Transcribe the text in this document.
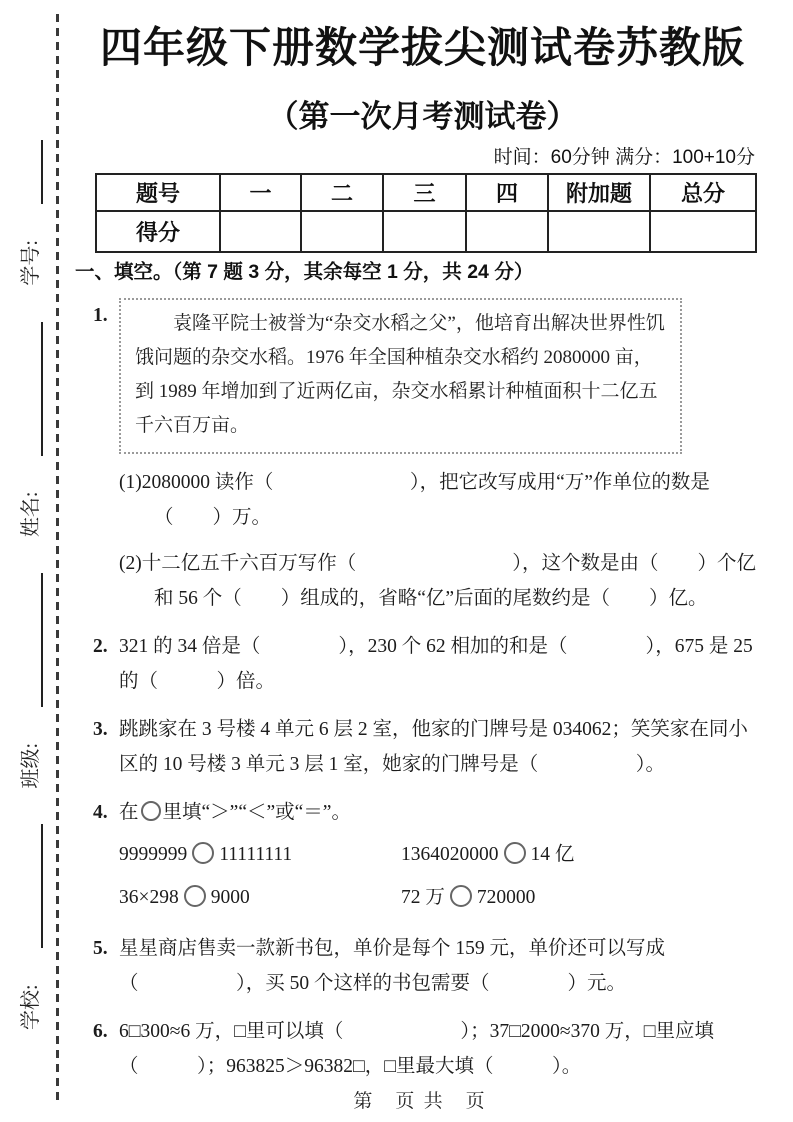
学校:
班级:
姓名:
学号:
四年级下册数学拔尖测试卷苏教版
（第一次月考测试卷）
时间：60分钟 满分：100+10分
题号	一	二	三	四	附加题	总分
得分						
一、填空。（第 7 题 3 分，其余每空 1 分，共 24 分）
1.	袁隆平院士被誉为“杂交水稻之父”，他培育出解决世界性饥饿问题的杂交水稻。1976 年全国种植杂交水稻约 2080000 亩，到 1989 年增加到了近两亿亩，杂交水稻累计种植面积十二亿五千六百万亩。
(1)2080000 读作（　　　　　　　），把它改写成用“万”作单位的数是（　　）万。
(2)十二亿五千六百万写作（　　　　　　　　），这个数是由（　　）个亿和 56 个（　　）组成的，省略“亿”后面的尾数约是（　　）亿。
2. 321 的 34 倍是（　　　　），230 个 62 相加的和是（　　　　），675 是 25 的（　　　）倍。
3. 跳跳家在 3 号楼 4 单元 6 层 2 室，他家的门牌号是 034062；笑笑家在同小区的 10 号楼 3 单元 3 层 1 室，她家的门牌号是（　　　　　）。
4. 在 里填“＞”“＜”或“＝”。
9999999 11111111	1364020000 14 亿
36×298 9000	72 万 720000
5. 星星商店售卖一款新书包，单价是每个 159 元，单价还可以写成（　　　　　），买 50 个这样的书包需要（　　　　）元。
6. 6□300≈6 万，□里可以填（　　　　　　）；37□2000≈370 万，□里应填（　　　）；963825＞96382□，□里最大填（　　　）。
第　页 共　页
